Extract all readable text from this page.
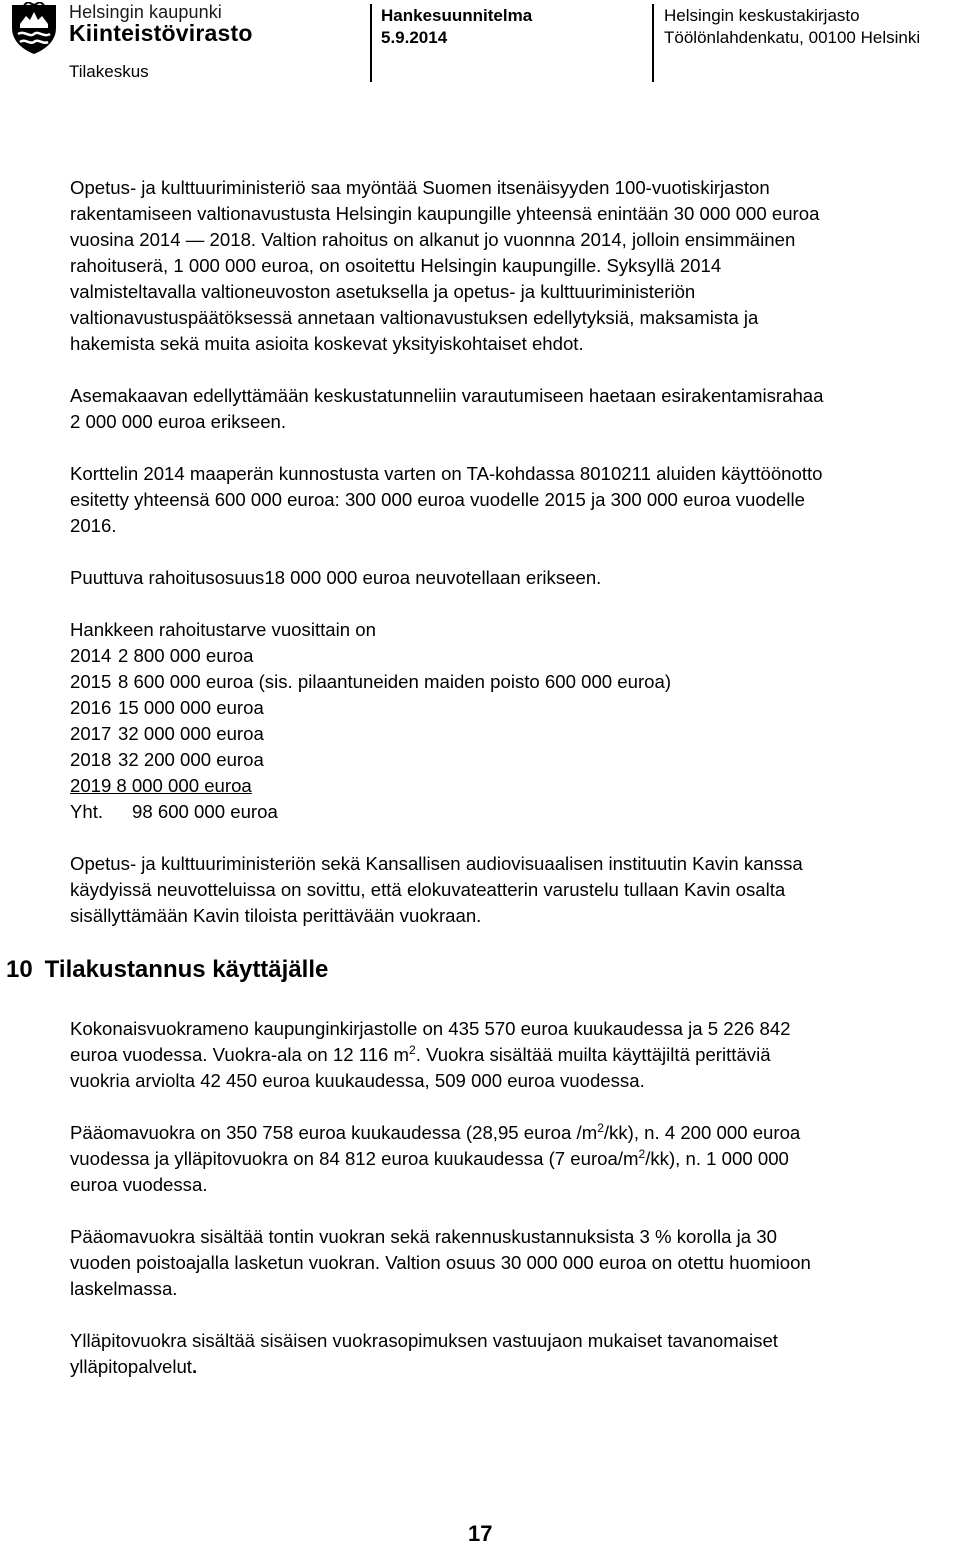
Helsingin kaupunki
Kiinteistövirasto
Tilakeskus
Hankesuunnitelma
5.9.2014
Helsingin keskustakirjasto
Töölönlahdenkatu, 00100 Helsinki
Opetus- ja kulttuuriministeriö saa myöntää Suomen itsenäisyyden 100-vuotiskirjaston
rakentamiseen valtionavustusta Helsingin kaupungille yhteensä enintään 30 000 000 euroa
vuosina 2014 — 2018. Valtion rahoitus on alkanut jo vuonnna 2014, jolloin ensimmäinen
rahoituserä, 1 000 000 euroa, on osoitettu Helsingin kaupungille. Syksyllä 2014
valmisteltavalla valtioneuvoston asetuksella ja opetus- ja kulttuuriministeriön
valtionavustuspäätöksessä annetaan valtionavustuksen edellytyksiä, maksamista ja
hakemista sekä muita asioita koskevat yksityiskohtaiset ehdot.
Asemakaavan edellyttämään keskustatunneliin varautumiseen haetaan esirakentamisrahaa
2 000 000 euroa erikseen.
Korttelin 2014 maaperän kunnostusta varten on TA-kohdassa 8010211 aluiden käyttöönotto
esitetty yhteensä 600 000 euroa: 300 000 euroa vuodelle 2015 ja 300 000 euroa vuodelle
2016.
Puuttuva rahoitusosuus18 000 000 euroa neuvotellaan erikseen.
Hankkeen rahoitustarve vuosittain on
2014 2 800 000 euroa
2015 8 600 000 euroa (sis. pilaantuneiden maiden poisto 600 000 euroa)
2016 15 000 000 euroa
2017 32 000 000 euroa
2018 32 200 000 euroa
2019
8 000 000 euroa
Yht. 98 600 000 euroa
Opetus- ja kulttuuriministeriön sekä Kansallisen audiovisuaalisen instituutin Kavin kanssa
käydyissä neuvotteluissa on sovittu, että elokuvateatterin varustelu tullaan Kavin osalta
sisällyttämään Kavin tiloista perittävään vuokraan.
10 Tilakustannus käyttäjälle
Kokonaisvuokrameno kaupunginkirjastolle on 435 570 euroa kuukaudessa ja 5 226 842
euroa vuodessa. Vuokra-ala on 12 116 $m^2$. Vuokra sisältää muilta käyttäjiltä perittäviä
vuokria arviolta 42 450 euroa kuukaudessa, 509 000 euroa vuodessa.
Pääomavuokra on 350 758 euroa kuukaudessa (28,95 euroa $/m^2/kk$), n. 4 200 000 euroa
vuodessa ja ylläpitovuokra on 84 812 euroa kuukaudessa (7 euroa/$m^2/kk$), n. 1 000 000
euroa vuodessa.
Pääomavuokra sisältää tontin vuokran sekä rakennuskustannuksista 3 % korolla ja 30
vuoden poistoajalla lasketun vuokran. Valtion osuus 30 000 000 euroa on otettu huomioon
laskelmassa.
Ylläpitovuokra sisältää sisäisen vuokrasopimuksen vastuujaon mukaiset tavanomaiset
ylläpitopalvelut.
17
